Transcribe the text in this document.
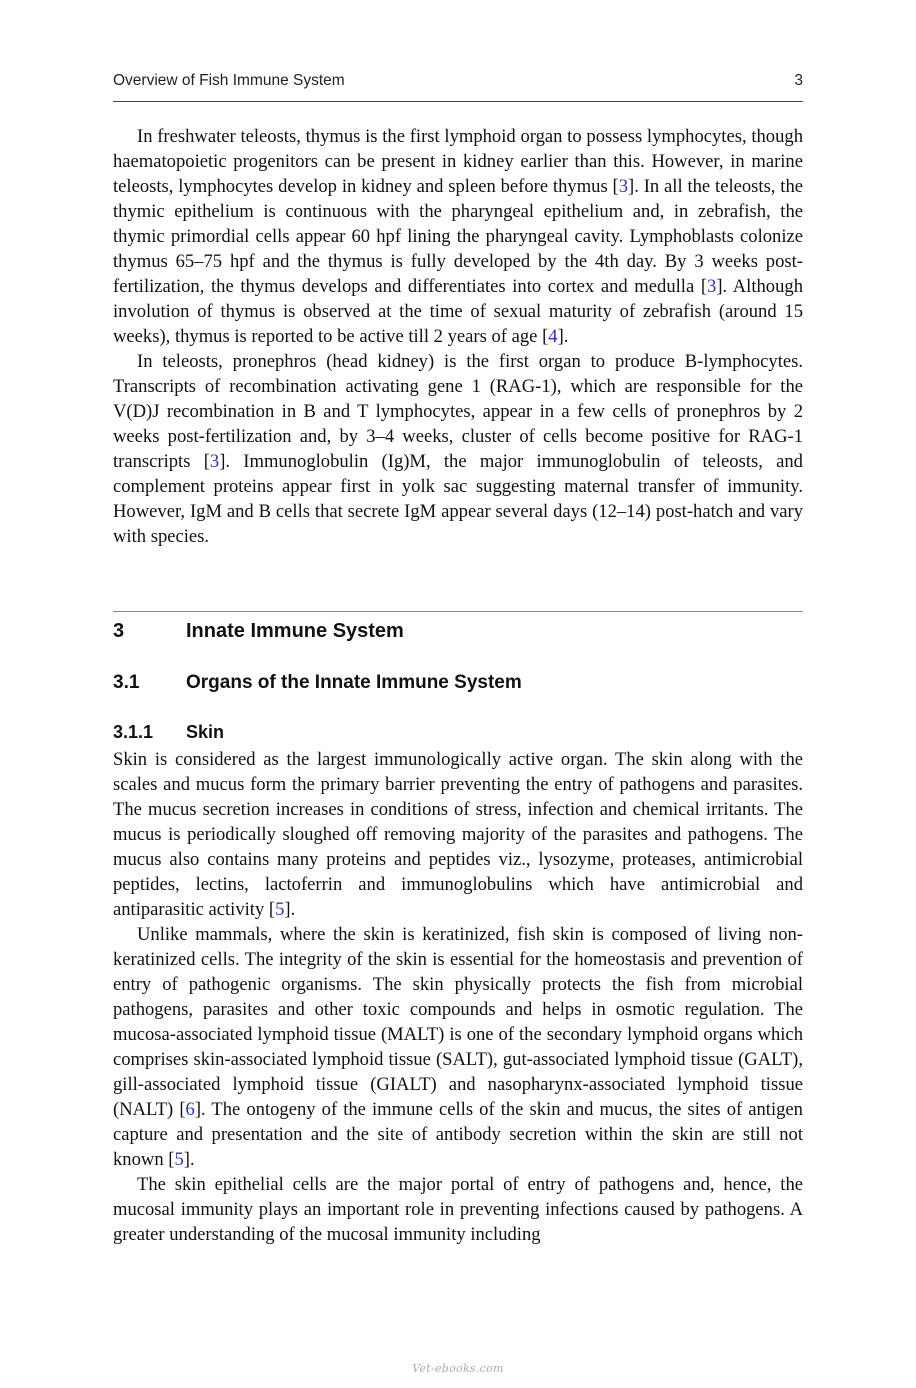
Overview of Fish Immune System	3

In freshwater teleosts, thymus is the first lymphoid organ to possess lymphocytes, though haematopoietic progenitors can be present in kidney earlier than this. However, in marine teleosts, lymphocytes develop in kidney and spleen before thymus [3]. In all the teleosts, the thymic epithelium is continuous with the pharyngeal epithelium and, in zebrafish, the thymic primordial cells appear 60 hpf lining the pharyngeal cavity. Lymphoblasts colonize thymus 65–75 hpf and the thymus is fully developed by the 4th day. By 3 weeks post-fertilization, the thymus develops and differentiates into cortex and medulla [3]. Although involution of thymus is observed at the time of sexual maturity of zebrafish (around 15 weeks), thymus is reported to be active till 2 years of age [4].

In teleosts, pronephros (head kidney) is the first organ to produce B-lymphocytes. Transcripts of recombination activating gene 1 (RAG-1), which are responsible for the V(D)J recombination in B and T lymphocytes, appear in a few cells of pronephros by 2 weeks post-fertilization and, by 3–4 weeks, cluster of cells become positive for RAG-1 transcripts [3]. Immunoglobulin (Ig)M, the major immunoglobulin of teleosts, and complement proteins appear first in yolk sac suggesting maternal transfer of immunity. However, IgM and B cells that secrete IgM appear several days (12–14) post-hatch and vary with species.

3	Innate Immune System
3.1	Organs of the Innate Immune System
3.1.1	Skin

Skin is considered as the largest immunologically active organ. The skin along with the scales and mucus form the primary barrier preventing the entry of pathogens and parasites. The mucus secretion increases in conditions of stress, infection and chemical irritants. The mucus is periodically sloughed off removing majority of the parasites and pathogens. The mucus also contains many proteins and peptides viz., lysozyme, proteases, antimicrobial peptides, lectins, lactoferrin and immunoglobulins which have antimicrobial and antiparasitic activity [5].

Unlike mammals, where the skin is keratinized, fish skin is composed of living non-keratinized cells. The integrity of the skin is essential for the homeostasis and prevention of entry of pathogenic organisms. The skin physically protects the fish from microbial pathogens, parasites and other toxic compounds and helps in osmotic regulation. The mucosa-associated lymphoid tissue (MALT) is one of the secondary lymphoid organs which comprises skin-associated lymphoid tissue (SALT), gut-associated lymphoid tissue (GALT), gill-associated lymphoid tissue (GIALT) and nasopharynx-associated lymphoid tissue (NALT) [6]. The ontogeny of the immune cells of the skin and mucus, the sites of antigen capture and presentation and the site of antibody secretion within the skin are still not known [5].

The skin epithelial cells are the major portal of entry of pathogens and, hence, the mucosal immunity plays an important role in preventing infections caused by pathogens. A greater understanding of the mucosal immunity including

Vet-ebooks.com
